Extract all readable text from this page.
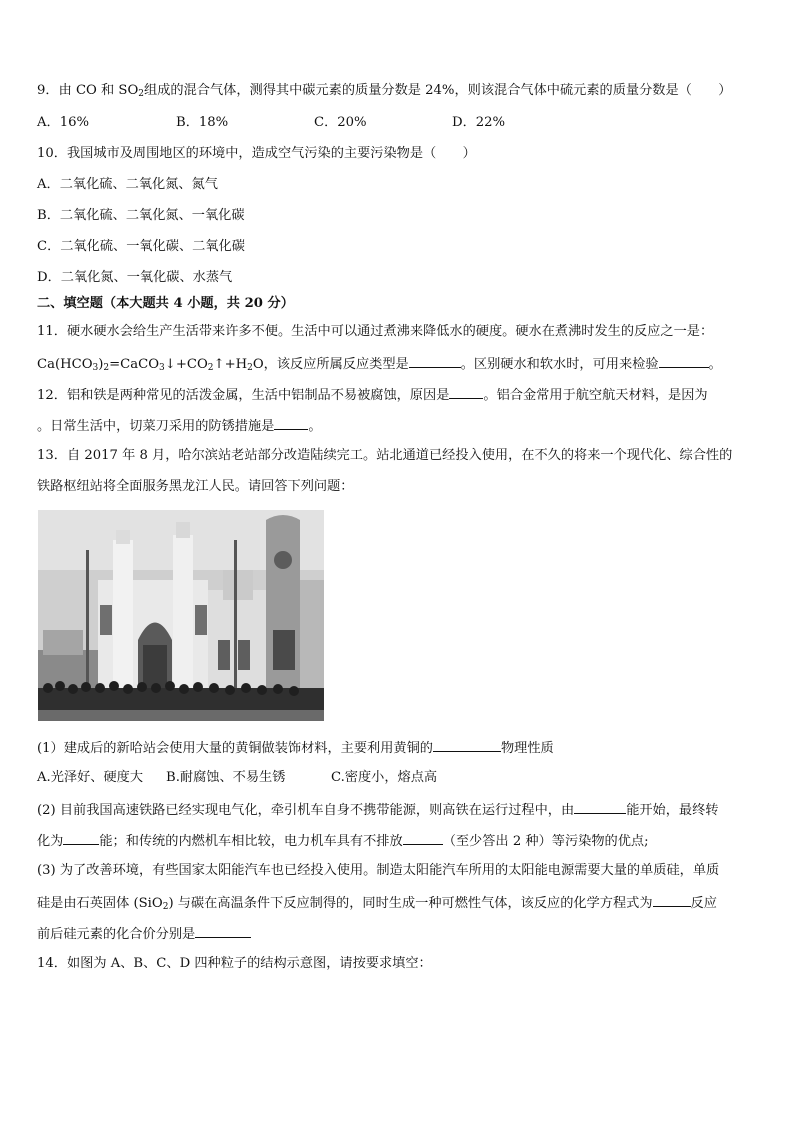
9．由 CO 和 $SO_2$组成的混合气体，测得其中碳元素的质量分数是 24%，则该混合气体中硫元素的质量分数是（　　）
A．16%	B．18%	C．20%	D．22%
10．我国城市及周围地区的环境中，造成空气污染的主要污染物是（　　）
A．二氧化硫、二氧化氮、氮气
B．二氧化硫、二氧化氮、一氧化碳
C．二氧化硫、一氧化碳、二氧化碳
D．二氧化氮、一氧化碳、水蒸气
二、填空题（本大题共 4 小题，共 20 分）
11．硬水硬水会给生产生活带来许多不便。生活中可以通过煮沸来降低水的硬度。硬水在煮沸时发生的反应之一是：
$Ca(HCO_3)_2=CaCO_3↓+CO_2↑+H_2O$，该反应所属反应类型是	。区别硬水和软水时，可用来检验	。
12．铝和铁是两种常见的活泼金属，生活中铝制品不易被腐蚀，原因是	。铝合金常用于航空航天材料，是因为
。日常生活中，切菜刀采用的防锈措施是	。
13．自 2017 年 8 月，哈尔滨站老站部分改造陆续完工。站北通道已经投入使用，在不久的将来一个现代化、综合性的
铁路枢纽站将全面服务黑龙江人民。请回答下列问题：
(1）建成后的新哈站会使用大量的黄铜做装饰材料，主要利用黄铜的	物理性质
A.光泽好、硬度大 B.耐腐蚀、不易生锈	C.密度小，熔点高
(2) 目前我国高速铁路已经实现电气化，牵引机车自身不携带能源，则高铁在运行过程中，由	能开始，最终转
化为	能；和传统的内燃机车相比较，电力机车具有不排放	（至少答出 2 种）等污染物的优点;
(3) 为了改善环境，有些国家太阳能汽车也已经投入使用。制造太阳能汽车所用的太阳能电源需要大量的单质硅，单质
硅是由石英固体 (SiO$_2$) 与碳在高温条件下反应制得的，同时生成一种可燃性气体，该反应的化学方程式为	反应
前后硅元素的化合价分别是
14．如图为 A、B、C、D 四种粒子的结构示意图，请按要求填空：
